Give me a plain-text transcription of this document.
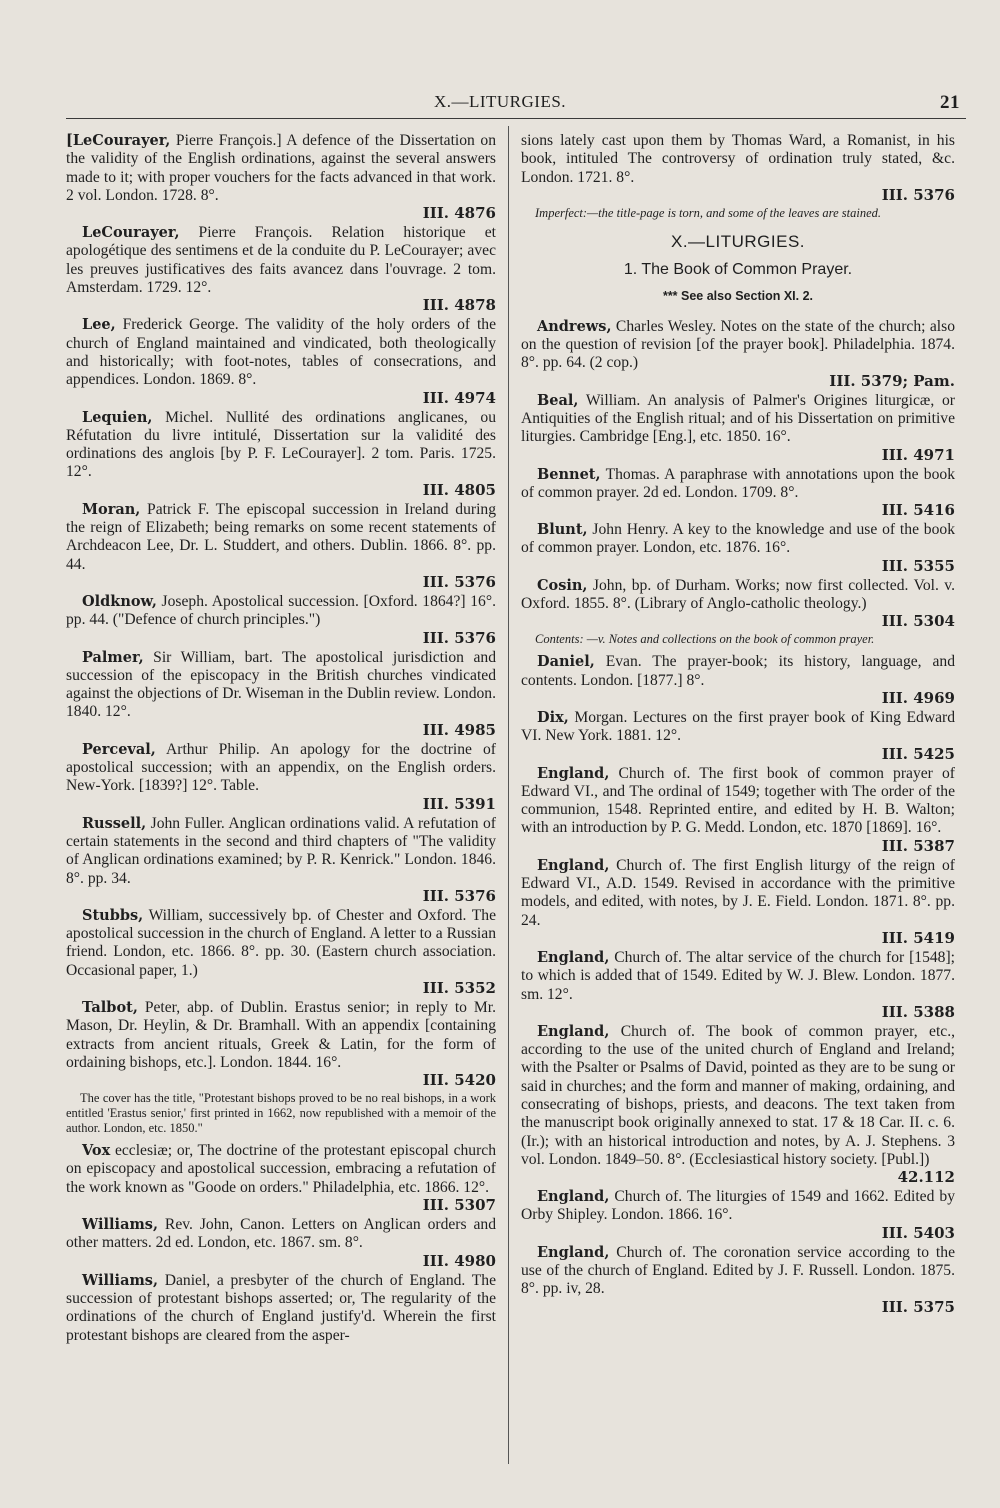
X.—LITURGIES.	21
[LeCourayer, Pierre François.] A defence of the Dissertation on the validity of the English ordinations, against the several answers made to it; with proper vouchers for the facts advanced in that work. 2 vol. London. 1728. 8°.
III. 4876
LeCourayer, Pierre François. Relation historique et apologétique des sentimens et de la conduite du P. LeCourayer; avec les preuves justificatives des faits avancez dans l'ouvrage. 2 tom. Amsterdam. 1729. 12°.
III. 4878
Lee, Frederick George. The validity of the holy orders of the church of England maintained and vindicated, both theologically and historically; with foot-notes, tables of consecrations, and appendices. London. 1869. 8°.
III. 4974
Lequien, Michel. Nullité des ordinations anglicanes, ou Réfutation du livre intitulé, Dissertation sur la validité des ordinations des anglois [by P. F. LeCourayer]. 2 tom. Paris. 1725. 12°.
III. 4805
Moran, Patrick F. The episcopal succession in Ireland during the reign of Elizabeth; being remarks on some recent statements of Archdeacon Lee, Dr. L. Studdert, and others. Dublin. 1866. 8°. pp. 44.
III. 5376
Oldknow, Joseph. Apostolical succession. [Oxford. 1864?] 16°. pp. 44. ("Defence of church principles.")
III. 5376
Palmer, Sir William, bart. The apostolical jurisdiction and succession of the episcopacy in the British churches vindicated against the objections of Dr. Wiseman in the Dublin review. London. 1840. 12°.
III. 4985
Perceval, Arthur Philip. An apology for the doctrine of apostolical succession; with an appendix, on the English orders. New-York. [1839?] 12°. Table.
III. 5391
Russell, John Fuller. Anglican ordinations valid. A refutation of certain statements in the second and third chapters of "The validity of Anglican ordinations examined; by P. R. Kenrick." London. 1846. 8°. pp. 34.
III. 5376
Stubbs, William, successively bp. of Chester and Oxford. The apostolical succession in the church of England. A letter to a Russian friend. London, etc. 1866. 8°. pp. 30. (Eastern church association. Occasional paper, 1.)
III. 5352
Talbot, Peter, abp. of Dublin. Erastus senior; in reply to Mr. Mason, Dr. Heylin, & Dr. Bramhall. With an appendix [containing extracts from ancient rituals, Greek & Latin, for the form of ordaining bishops, etc.]. London. 1844. 16°.
III. 5420
The cover has the title, "Protestant bishops proved to be no real bishops, in a work entitled 'Erastus senior,' first printed in 1662, now republished with a memoir of the author. London, etc. 1850."
Vox ecclesiæ; or, The doctrine of the protestant episcopal church on episcopacy and apostolical succession, embracing a refutation of the work known as "Goode on orders." Philadelphia, etc. 1866. 12°.
III. 5307
Williams, Rev. John, Canon. Letters on Anglican orders and other matters. 2d ed. London, etc. 1867. sm. 8°.
III. 4980
Williams, Daniel, a presbyter of the church of England. The succession of protestant bishops asserted; or, The regularity of the ordinations of the church of England justify'd. Wherein the first protestant bishops are cleared from the asper-
sions lately cast upon them by Thomas Ward, a Romanist, in his book, intituled The controversy of ordination truly stated, &c. London. 1721. 8°.
III. 5376
Imperfect:—the title-page is torn, and some of the leaves are stained.
X.—LITURGIES.
1. The Book of Common Prayer.
*** See also Section XI. 2.
Andrews, Charles Wesley. Notes on the state of the church; also on the question of revision [of the prayer book]. Philadelphia. 1874. 8°. pp. 64. (2 cop.)
III. 5379; Pam.
Beal, William. An analysis of Palmer's Origines liturgicæ, or Antiquities of the English ritual; and of his Dissertation on primitive liturgies. Cambridge [Eng.], etc. 1850. 16°.
III. 4971
Bennet, Thomas. A paraphrase with annotations upon the book of common prayer. 2d ed. London. 1709. 8°.
III. 5416
Blunt, John Henry. A key to the knowledge and use of the book of common prayer. London, etc. 1876. 16°.
III. 5355
Cosin, John, bp. of Durham. Works; now first collected. Vol. v. Oxford. 1855. 8°. (Library of Anglo-catholic theology.)
III. 5304
Contents: —v. Notes and collections on the book of common prayer.
Daniel, Evan. The prayer-book; its history, language, and contents. London. [1877.] 8°.
III. 4969
Dix, Morgan. Lectures on the first prayer book of King Edward VI. New York. 1881. 12°.
III. 5425
England, Church of. The first book of common prayer of Edward VI., and The ordinal of 1549; together with The order of the communion, 1548. Reprinted entire, and edited by H. B. Walton; with an introduction by P. G. Medd. London, etc. 1870 [1869]. 16°.
III. 5387
England, Church of. The first English liturgy of the reign of Edward VI., A.D. 1549. Revised in accordance with the primitive models, and edited, with notes, by J. E. Field. London. 1871. 8°. pp. 24.
III. 5419
England, Church of. The altar service of the church for [1548]; to which is added that of 1549. Edited by W. J. Blew. London. 1877. sm. 12°.
III. 5388
England, Church of. The book of common prayer, etc., according to the use of the united church of England and Ireland; with the Psalter or Psalms of David, pointed as they are to be sung or said in churches; and the form and manner of making, ordaining, and consecrating of bishops, priests, and deacons. The text taken from the manuscript book originally annexed to stat. 17 & 18 Car. II. c. 6. (Ir.); with an historical introduction and notes, by A. J. Stephens. 3 vol. London. 1849–50. 8°. (Ecclesiastical history society. [Publ.])
42.112
England, Church of. The liturgies of 1549 and 1662. Edited by Orby Shipley. London. 1866. 16°.
III. 5403
England, Church of. The coronation service according to the use of the church of England. Edited by J. F. Russell. London. 1875. 8°. pp. iv, 28.
III. 5375
